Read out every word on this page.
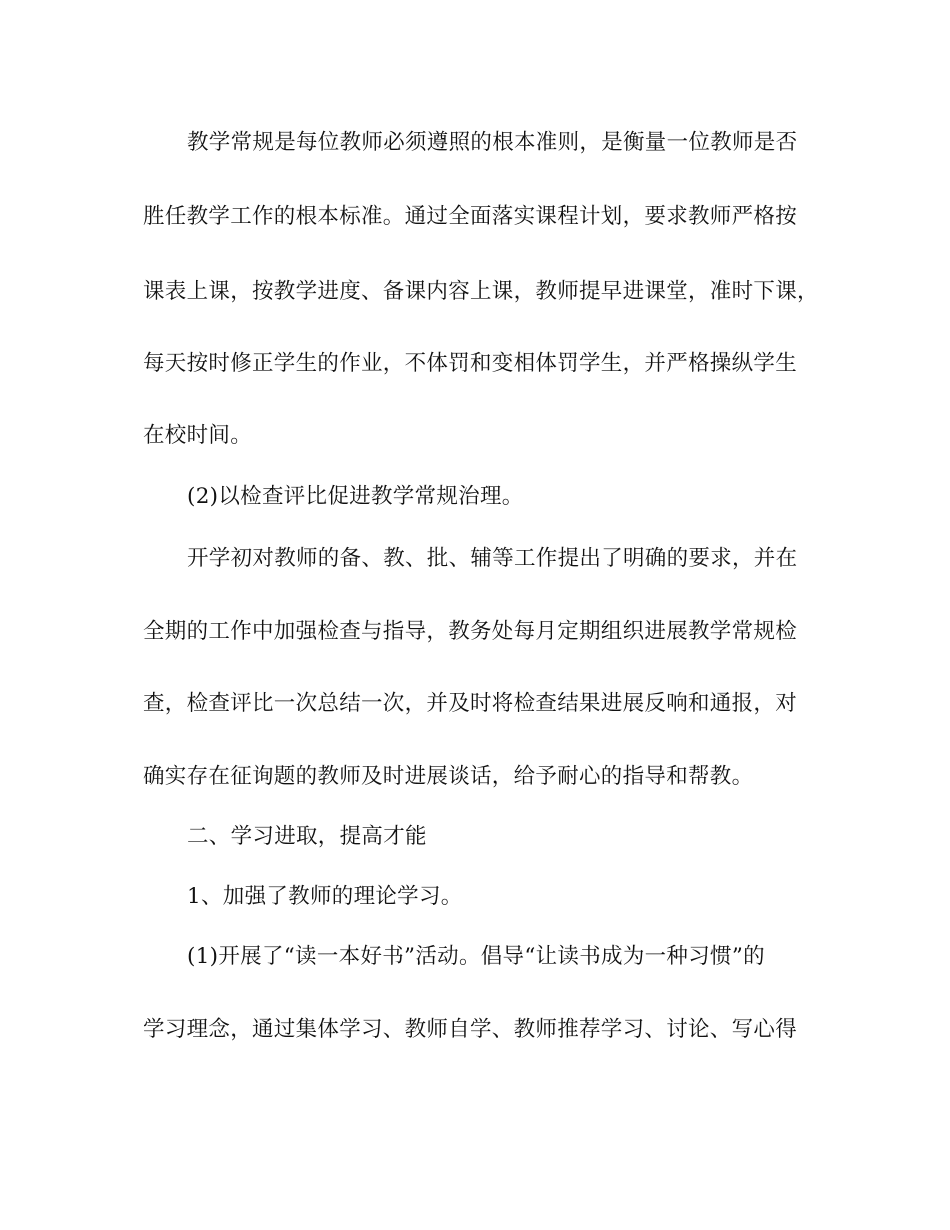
教学常规是每位教师必须遵照的根本准则，是衡量一位教师是否

胜任教学工作的根本标准。通过全面落实课程计划，要求教师严格按

课表上课，按教学进度、备课内容上课，教师提早进课堂，准时下课，

每天按时修正学生的作业，不体罚和变相体罚学生，并严格操纵学生

在校时间。

(2)以检查评比促进教学常规治理。

开学初对教师的备、教、批、辅等工作提出了明确的要求，并在

全期的工作中加强检查与指导，教务处每月定期组织进展教学常规检

查，检查评比一次总结一次，并及时将检查结果进展反响和通报，对

确实存在征询题的教师及时进展谈话，给予耐心的指导和帮教。

二、学习进取，提高才能

1、加强了教师的理论学习。

(1)开展了“读一本好书”活动。倡导“让读书成为一种习惯”的

学习理念，通过集体学习、教师自学、教师推荐学习、讨论、写心得
